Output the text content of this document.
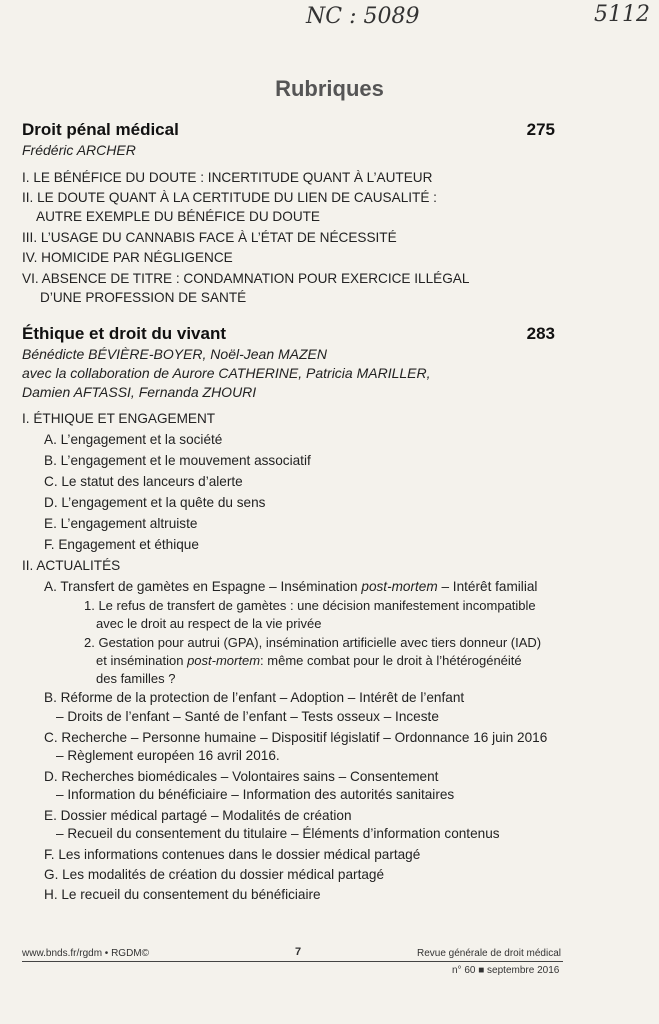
NC : 5089	5112
Rubriques
Droit pénal médical	275
Frédéric ARCHER
I. LE BÉNÉFICE DU DOUTE : INCERTITUDE QUANT À L’AUTEUR
II. LE DOUTE QUANT À LA CERTITUDE DU LIEN DE CAUSALITÉ :
AUTRE EXEMPLE DU BÉNÉFICE DU DOUTE
III. L’USAGE DU CANNABIS FACE À L’ÉTAT DE NÉCESSITÉ
IV. HOMICIDE PAR NÉGLIGENCE
VI. ABSENCE DE TITRE : CONDAMNATION POUR EXERCICE ILLÉGAL
D’UNE PROFESSION DE SANTÉ
Éthique et droit du vivant	283
Bénédicte BÉVIÈRE-BOYER, Noël-Jean MAZEN
avec la collaboration de Aurore CATHERINE, Patricia MARILLER,
Damien AFTASSI, Fernanda ZHOURI
I. ÉTHIQUE ET ENGAGEMENT
A. L’engagement et la société
B. L’engagement et le mouvement associatif
C. Le statut des lanceurs d’alerte
D. L’engagement et la quête du sens
E. L’engagement altruiste
F. Engagement et éthique
II. ACTUALITÉS
A. Transfert de gamètes en Espagne – Insémination post-mortem – Intérêt familial
1. Le refus de transfert de gamètes : une décision manifestement incompatible
avec le droit au respect de la vie privée
2. Gestation pour autrui (GPA), insémination artificielle avec tiers donneur (IAD)
et insémination post-mortem: même combat pour le droit à l’hétérogénéité
des familles ?
B. Réforme de la protection de l’enfant – Adoption – Intérêt de l’enfant
– Droits de l’enfant – Santé de l’enfant – Tests osseux – Inceste
C. Recherche – Personne humaine – Dispositif législatif – Ordonnance 16 juin 2016
– Règlement européen 16 avril 2016.
D. Recherches biomédicales – Volontaires sains – Consentement
– Information du bénéficiaire – Information des autorités sanitaires
E. Dossier médical partagé – Modalités de création
– Recueil du consentement du titulaire – Éléments d’information contenus
F. Les informations contenues dans le dossier médical partagé
G. Les modalités de création du dossier médical partagé
H. Le recueil du consentement du bénéficiaire
www.bnds.fr/rgdm • RGDM©	7	Revue générale de droit médical
n° 60 ■ septembre 2016
